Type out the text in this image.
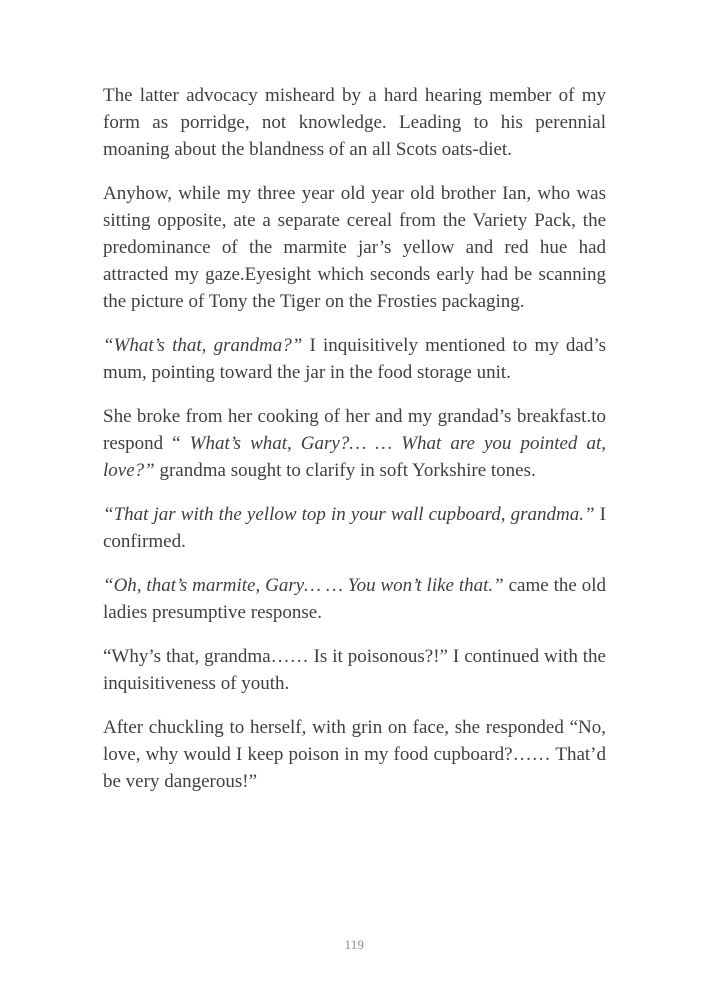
The latter advocacy misheard by a hard hearing member of my form as porridge, not knowledge. Leading to his perennial moaning about the blandness of an all Scots oats-diet.

Anyhow, while my three year old year old brother Ian, who was sitting opposite, ate a separate cereal from the Variety Pack, the predominance of the marmite jar’s yellow and red hue had attracted my gaze.Eyesight which seconds early had be scanning the picture of Tony the Tiger on the Frosties packaging.

“What’s that, grandma?” I inquisitively mentioned to my dad’s mum, pointing toward the jar in the food storage unit.

She broke from her cooking of her and my grandad’s breakfast.to respond “ What’s what, Gary?… … What are you pointed at, love?” grandma sought to clarify in soft Yorkshire tones.

“That jar with the yellow top in your wall cupboard, grandma.” I confirmed.

“Oh, that’s marmite, Gary… … You won’t like that.” came the old ladies presumptive response.

“Why’s that, grandma…… Is it poisonous?!” I continued with the inquisitiveness of youth.

After chuckling to herself, with grin on face, she responded “No, love, why would I keep poison in my food cupboard?…… That’d be very dangerous!”

119
